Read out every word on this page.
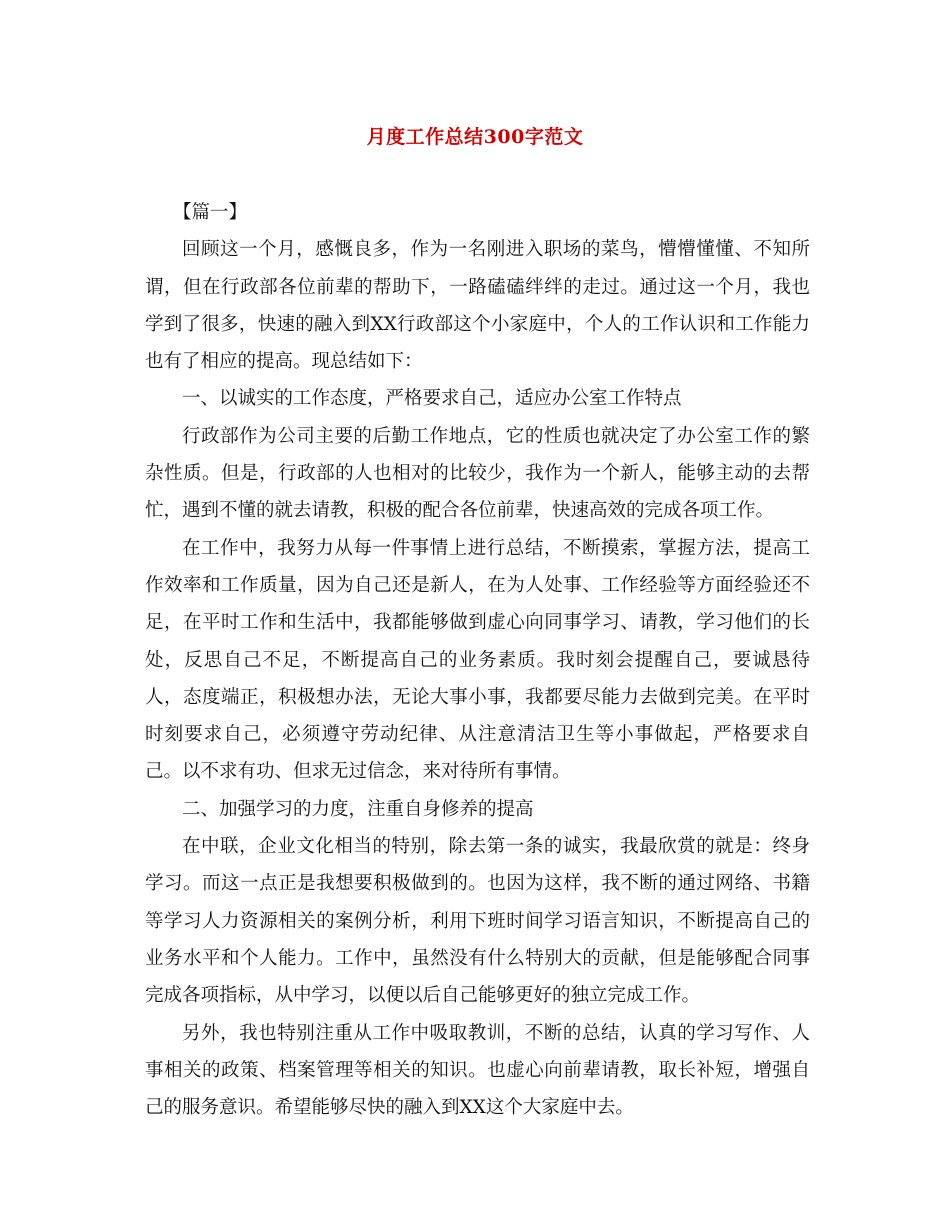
月度工作总结300字范文

【篇一】

回顾这一个月，感慨良多，作为一名刚进入职场的菜鸟，懵懵懂懂、不知所谓，但在行政部各位前辈的帮助下，一路磕磕绊绊的走过。通过这一个月，我也学到了很多，快速的融入到XX行政部这个小家庭中，个人的工作认识和工作能力也有了相应的提高。现总结如下：

一、以诚实的工作态度，严格要求自己，适应办公室工作特点

行政部作为公司主要的后勤工作地点，它的性质也就决定了办公室工作的繁杂性质。但是，行政部的人也相对的比较少，我作为一个新人，能够主动的去帮忙，遇到不懂的就去请教，积极的配合各位前辈，快速高效的完成各项工作。

在工作中，我努力从每一件事情上进行总结，不断摸索，掌握方法，提高工作效率和工作质量，因为自己还是新人，在为人处事、工作经验等方面经验还不足，在平时工作和生活中，我都能够做到虚心向同事学习、请教，学习他们的长处，反思自己不足，不断提高自己的业务素质。我时刻会提醒自己，要诚恳待人，态度端正，积极想办法，无论大事小事，我都要尽能力去做到完美。在平时时刻要求自己，必须遵守劳动纪律、从注意清洁卫生等小事做起，严格要求自己。以不求有功、但求无过信念，来对待所有事情。

二、加强学习的力度，注重自身修养的提高

在中联，企业文化相当的特别，除去第一条的诚实，我最欣赏的就是：终身学习。而这一点正是我想要积极做到的。也因为这样，我不断的通过网络、书籍等学习人力资源相关的案例分析，利用下班时间学习语言知识，不断提高自己的业务水平和个人能力。工作中，虽然没有什么特别大的贡献，但是能够配合同事完成各项指标，从中学习，以便以后自己能够更好的独立完成工作。

另外，我也特别注重从工作中吸取教训，不断的总结，认真的学习写作、人事相关的政策、档案管理等相关的知识。也虚心向前辈请教，取长补短，增强自己的服务意识。希望能够尽快的融入到XX这个大家庭中去。
